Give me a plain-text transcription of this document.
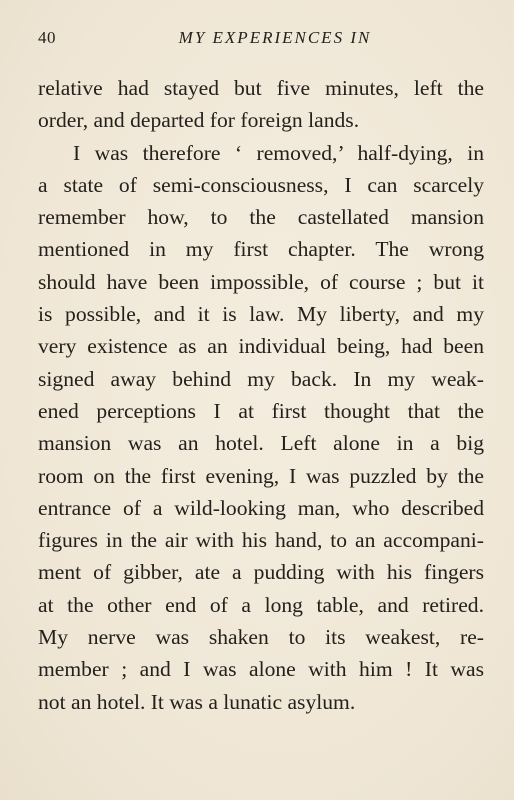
40	MY EXPERIENCES IN
relative had stayed but five minutes, left the
order, and departed for foreign lands.
I was therefore ‘ removed,’ half-dying, in
a state of semi-consciousness, I can scarcely
remember how, to the castellated mansion
mentioned in my first chapter. The wrong
should have been impossible, of course ; but it
is possible, and it is law. My liberty, and my
very existence as an individual being, had been
signed away behind my back. In my weak-
ened perceptions I at first thought that the
mansion was an hotel. Left alone in a big
room on the first evening, I was puzzled by the
entrance of a wild-looking man, who described
figures in the air with his hand, to an accompani-
ment of gibber, ate a pudding with his fingers
at the other end of a long table, and retired.
My nerve was shaken to its weakest, re-
member ; and I was alone with him ! It was
not an hotel. It was a lunatic asylum.
